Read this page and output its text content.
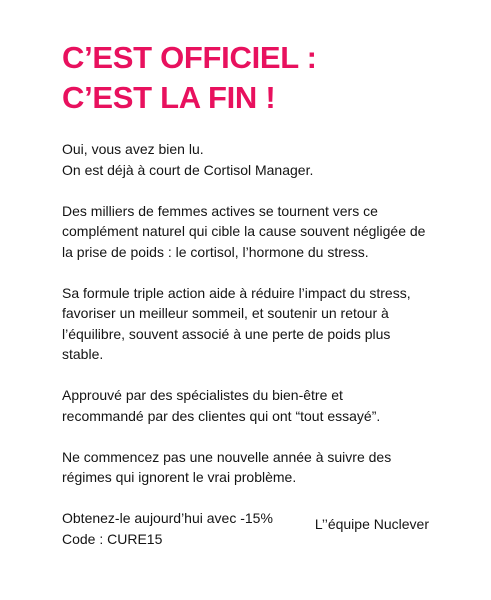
C’EST OFFICIEL :
C’EST LA FIN !

Oui, vous avez bien lu.
On est déjà à court de Cortisol Manager.

Des milliers de femmes actives se tournent vers ce
complément naturel qui cible la cause souvent négligée de
la prise de poids : le cortisol, l’hormone du stress.

Sa formule triple action aide à réduire l’impact du stress,
favoriser un meilleur sommeil, et soutenir un retour à
l’équilibre, souvent associé à une perte de poids plus
stable.

Approuvé par des spécialistes du bien-être et
recommandé par des clientes qui ont “tout essayé”.

Ne commencez pas une nouvelle année à suivre des
régimes qui ignorent le vrai problème.

Obtenez-le aujourd’hui avec -15%
Code : CURE15

L’’équipe Nuclever
